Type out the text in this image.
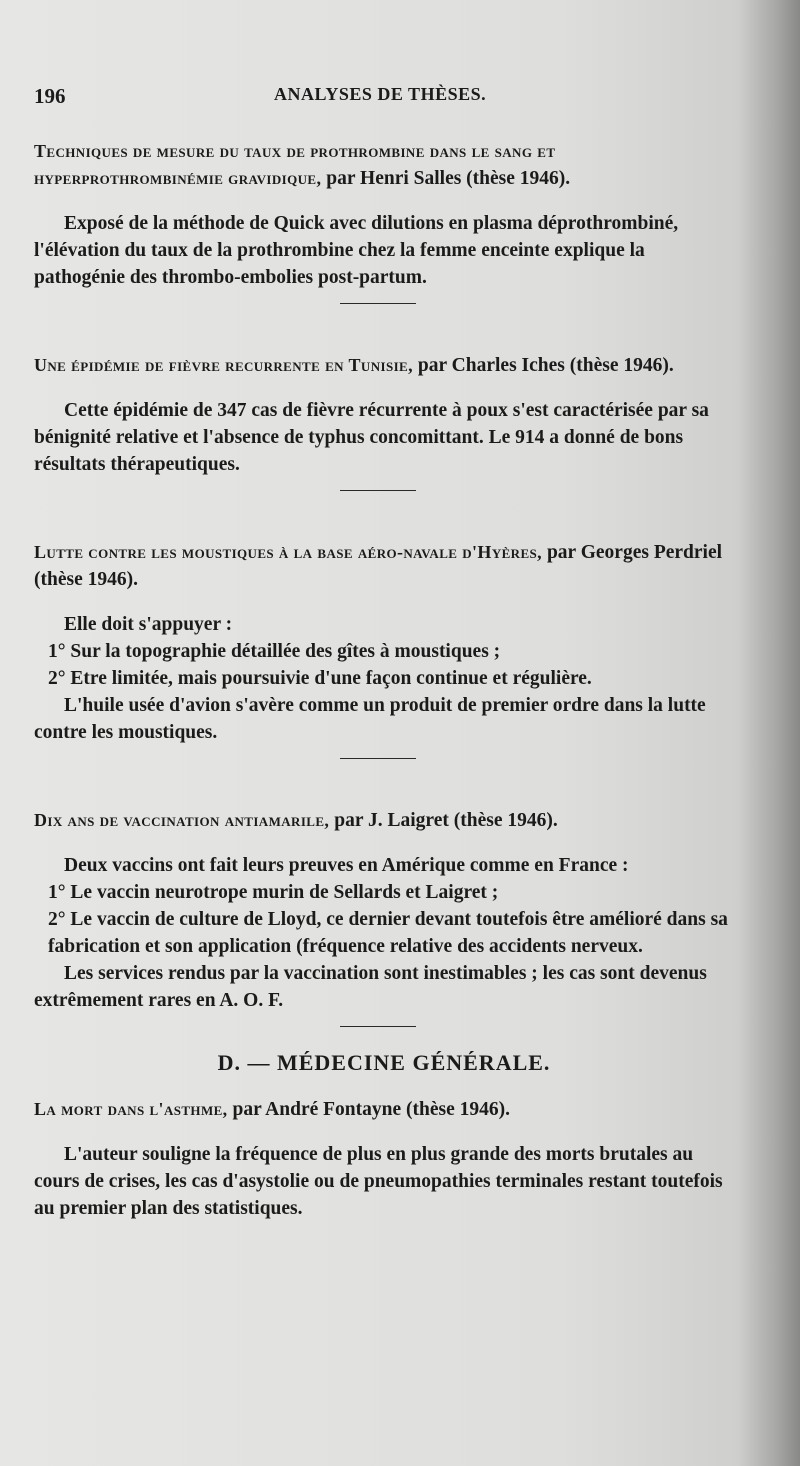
196	ANALYSES DE THÈSES.

Techniques de mesure du taux de prothrombine dans le sang et hyperprothrombinémie gravidique, par Henri Salles (thèse 1946).

Exposé de la méthode de Quick avec dilutions en plasma déprothrombiné, l'élévation du taux de la prothrombine chez la femme enceinte explique la pathogénie des thrombo-embolies post-partum.

Une épidémie de fièvre recurrente en Tunisie, par Charles Iches (thèse 1946).

Cette épidémie de 347 cas de fièvre récurrente à poux s'est caractérisée par sa bénignité relative et l'absence de typhus concomittant. Le 914 a donné de bons résultats thérapeutiques.

Lutte contre les moustiques à la base aéro-navale d'Hyères, par Georges Perdriel (thèse 1946).

Elle doit s'appuyer :

1° Sur la topographie détaillée des gîtes à moustiques ;

2° Etre limitée, mais poursuivie d'une façon continue et régulière.

L'huile usée d'avion s'avère comme un produit de premier ordre dans la lutte contre les moustiques.

Dix ans de vaccination antiamarile, par J. Laigret (thèse 1946).

Deux vaccins ont fait leurs preuves en Amérique comme en France :

1° Le vaccin neurotrope murin de Sellards et Laigret ;

2° Le vaccin de culture de Lloyd, ce dernier devant toutefois être amélioré dans sa fabrication et son application (fréquence relative des accidents nerveux.

Les services rendus par la vaccination sont inestimables ; les cas sont devenus extrêmement rares en A. O. F.

D. — MÉDECINE GÉNÉRALE.

La mort dans l'asthme, par André Fontayne (thèse 1946).

L'auteur souligne la fréquence de plus en plus grande des morts brutales au cours de crises, les cas d'asystolie ou de pneumopathies terminales restant toutefois au premier plan des statistiques.
